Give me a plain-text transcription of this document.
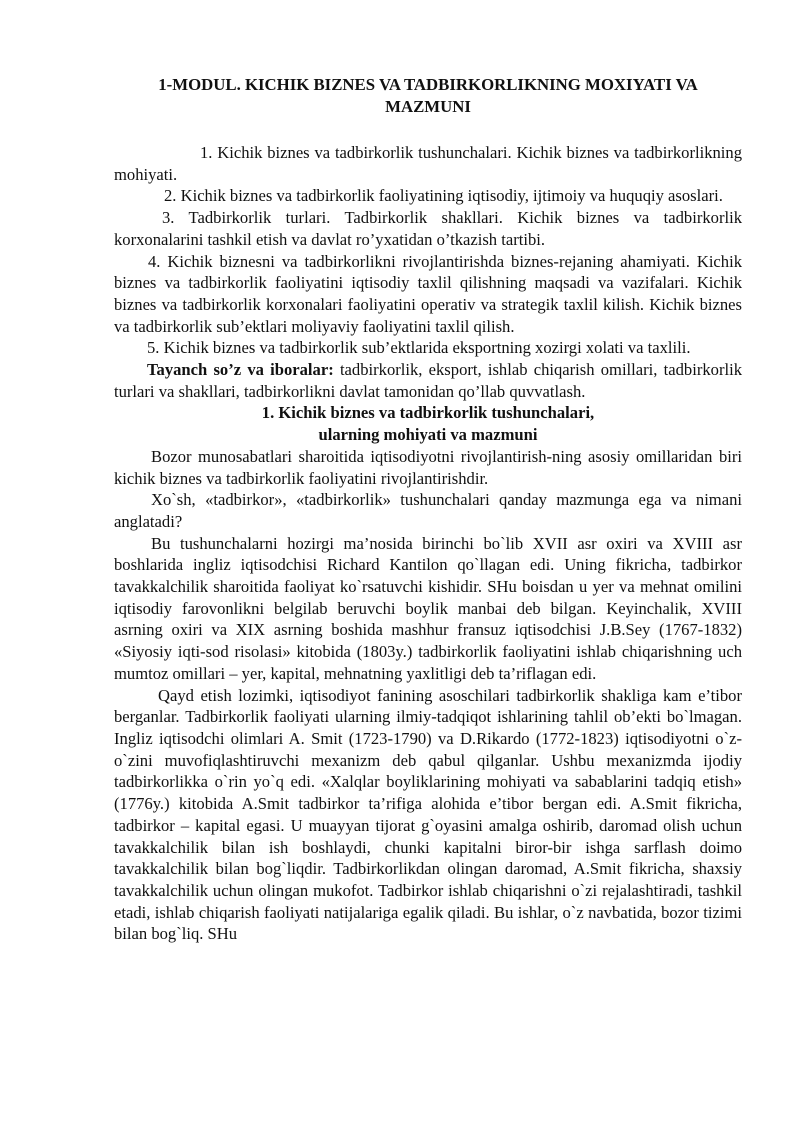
1-MODUL. KICHIK BIZNES VA TADBIRKORLIKNING MOXIYATI VA MAZMUNI

1. Kichik biznes va tadbirkorlik tushunchalari. Kichik biznes va tadbirkorlikning mohiyati.

2. Kichik biznes va tadbirkorlik faoliyatining iqtisodiy, ijtimoiy va huquqiy asoslari.

3. Tadbirkorlik turlari. Tadbirkorlik shakllari. Kichik biznes va tadbirkorlik korxonalarini tashkil etish va davlat ro’yxatidan o’tkazish tartibi.

4. Kichik biznesni va tadbirkorlikni rivojlantirishda biznes-rejaning ahamiyati. Kichik biznes va tadbirkorlik faoliyatini iqtisodiy taxlil qilishning maqsadi va vazifalari. Kichik biznes va tadbirkorlik korxonalari faoliyatini operativ va strategik taxlil kilish. Kichik biznes va tadbirkorlik sub’ektlari moliyaviy faoliyatini taxlil qilish.

5. Kichik biznes va tadbirkorlik sub’ektlarida eksportning xozirgi xolati va taxlili.

Tayanch so’z va iboralar: tadbirkorlik, eksport, ishlab chiqarish omillari, tadbirkorlik turlari va shakllari, tadbirkorlikni davlat tamonidan qo’llab quvvatlash.

1. Kichik biznes va tadbirkorlik tushunchalari,

ularning mohiyati va mazmuni

Bozor munosabatlari sharoitida iqtisodiyotni rivojlantirish-ning asosiy omillaridan biri kichik biznes va tadbirkorlik faoliyatini rivojlantirishdir.

Xo`sh, «tadbirkor», «tadbirkorlik» tushunchalari qanday mazmunga ega va nimani anglatadi?

Bu tushunchalarni hozirgi ma’nosida birinchi bo`lib XVII asr oxiri va XVIII asr boshlarida ingliz iqtisodchisi Richard Kantilon qo`llagan edi. Uning fikricha, tadbirkor tavakkalchilik sharoitida faoliyat ko`rsatuvchi kishidir. SHu boisdan u yer va mehnat omilini iqtisodiy farovonlikni belgilab beruvchi boylik manbai deb bilgan. Keyinchalik, XVIII asrning oxiri va XIX asrning boshida mashhur fransuz iqtisodchisi J.B.Sey (1767-1832) «Siyosiy iqti-sod risolasi» kitobida (1803y.) tadbirkorlik faoliyatini ishlab chiqarishning uch mumtoz omillari – yer, kapital, mehnatning yaxlitligi deb ta’riflagan edi.

Qayd etish lozimki, iqtisodiyot fanining asoschilari tadbirkorlik shakliga kam e’tibor berganlar. Tadbirkorlik faoliyati ularning ilmiy-tadqiqot ishlarining tahlil ob’ekti bo`lmagan. Ingliz iqtisodchi olimlari A. Smit (1723-1790) va D.Rikardo (1772-1823) iqtisodiyotni o`z-o`zini muvofiqlashtiruvchi mexanizm deb qabul qilganlar. Ushbu mexanizmda ijodiy tadbirkorlikka o`rin yo`q edi. «Xalqlar boyliklarining mohiyati va sabablarini tadqiq etish» (1776y.) kitobida A.Smit tadbirkor ta’rifiga alohida e’tibor bergan edi. A.Smit fikricha, tadbirkor – kapital egasi. U muayyan tijorat g`oyasini amalga oshirib, daromad olish uchun tavakkalchilik bilan ish boshlaydi, chunki kapitalni biror-bir ishga sarflash doimo tavakkalchilik bilan bog`liqdir. Tadbirkorlikdan olingan daromad, A.Smit fikricha, shaxsiy tavakkalchilik uchun olingan mukofot. Tadbirkor ishlab chiqarishni o`zi rejalashtiradi, tashkil etadi, ishlab chiqarish faoliyati natijalariga egalik qiladi. Bu ishlar, o`z navbatida, bozor tizimi bilan bog`liq. SHu
